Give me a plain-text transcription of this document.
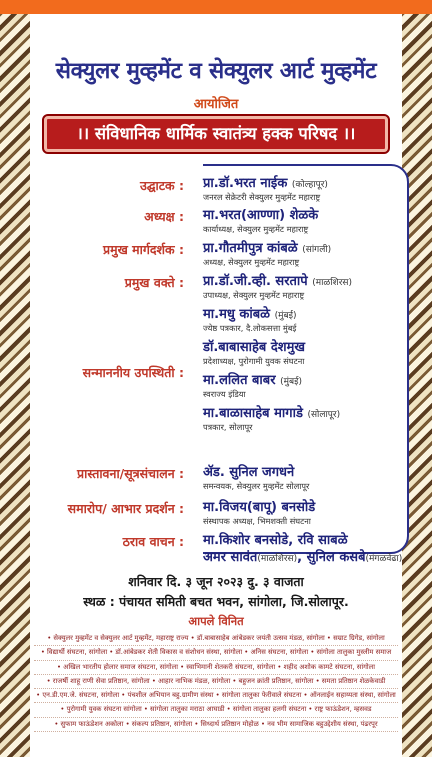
सेक्युलर मुव्हमेंट व सेक्युलर आर्ट मुव्हमेंट
आयोजित
।। संविधानिक धार्मिक स्वातंत्र्य हक्क परिषद ।।
उद्घाटक :
अध्यक्ष :
प्रमुख मार्गदर्शक :
प्रमुख वक्ते :
सन्माननीय उपस्थिती :
प्रास्तावना/सूत्रसंचालन :
समारोप/ आभार प्रदर्शन :
ठराव वाचन :
प्रा.डॉ.भरत नाईक (कोल्हापूर)
जनरल सेक्रेटरी सेक्युलर मुव्हमेंट महाराष्ट्र
मा.भरत(आण्णा) शेळके
कार्याध्यक्ष, सेक्युलर मुव्हमेंट महाराष्ट्र
प्रा.गौतमीपुत्र कांबळे (सांगली)
अध्यक्ष, सेक्युलर मुव्हमेंट महाराष्ट्र
प्रा.डॉ.जी.व्ही. सरतापे (माळशिरस)
उपाध्यक्ष, सेक्युलर मुव्हमेंट महाराष्ट्र
मा.मधु कांबळे (मुंबई)
ज्येष्ठ पत्रकार, दै.लोकसत्ता मुंबई
डॉ.बाबासाहेब देशमुख
प्रदेशाध्यक्ष, पुरोगामी युवक संघटना
मा.ललित बाबर (मुंबई)
स्वराज्य इंडिया
मा.बाळासाहेब मागाडे (सोलापूर)
पत्रकार, सोलापूर
ॲड. सुनिल जगधने
समन्वयक, सेक्युलर मुव्हमेंट सोलापूर
मा.विजय(बापू) बनसोडे
संस्थापक अध्यक्ष, भिमशक्ती संघटना
मा.किशोर बनसोडे, रवि साबळे
अमर सावंत(माळशिरस), सुनिल कसबे(मंगळवेढा)
शनिवार दि. ३ जून २०२३ दु. ३ वाजता
स्थळ : पंचायत समिती बचत भवन, सांगोला, जि.सोलापूर.
आपले विनित
• सेक्युलर मुव्हमेंट व सेक्युलर आर्ट मुव्हमेंट, महाराष्ट्र राज्य • डॉ.बाबासाहेब आंबेडकर जयंती उत्सव मंडळ, सांगोला • सम्राट ग्रिगेड, सांगोला
• विद्यार्थी संघटना, सांगोला • डॉ.आंबेडकर शेती विकास व संशोधन संस्था, सांगोला • अनिस संघटना, सांगोला • सांगोला तालुका मुस्लीम समाज
• अखिल भारतीय होलार समाज संघटना, सांगोला • स्वाभिमानी शेतकरी संघटना, सांगोला • शहीद अशोक कामटे संघटना, सांगोला
• राजर्षी शाहू राणी सेवा प्रतिष्ठान, सांगोला • आहार नाभिक मंडळ, सांगोला • बहुजन क्रांती प्रतिष्ठान, सांगोला • समता प्रतिष्ठान शेळकेवाडी
• एन.डी.एम.जे. संघटना, सांगोला • पंचशील अभियान बहु.ग्रामीण संस्था • सांगोला तालुका फेरीवाले संघटना • ऑनलाईन सहाय्यता संस्था, सांगोला
• पुरोगामी युवक संघटना सांगोला • सांगोला तालुका मराठा आघाडी • सांगोला तालुका हलगी संघटना • राष्ट्र फाऊंडेशन, म्हसवड
• सुफाम फाऊंडेशन अकोला • संकल्प प्रतिष्ठान, सांगोला • सिध्दार्थ प्रतिष्ठान मोहोळ • नव भीम सामाजिक बहुउद्देशीय संस्था, पंढरपूर
